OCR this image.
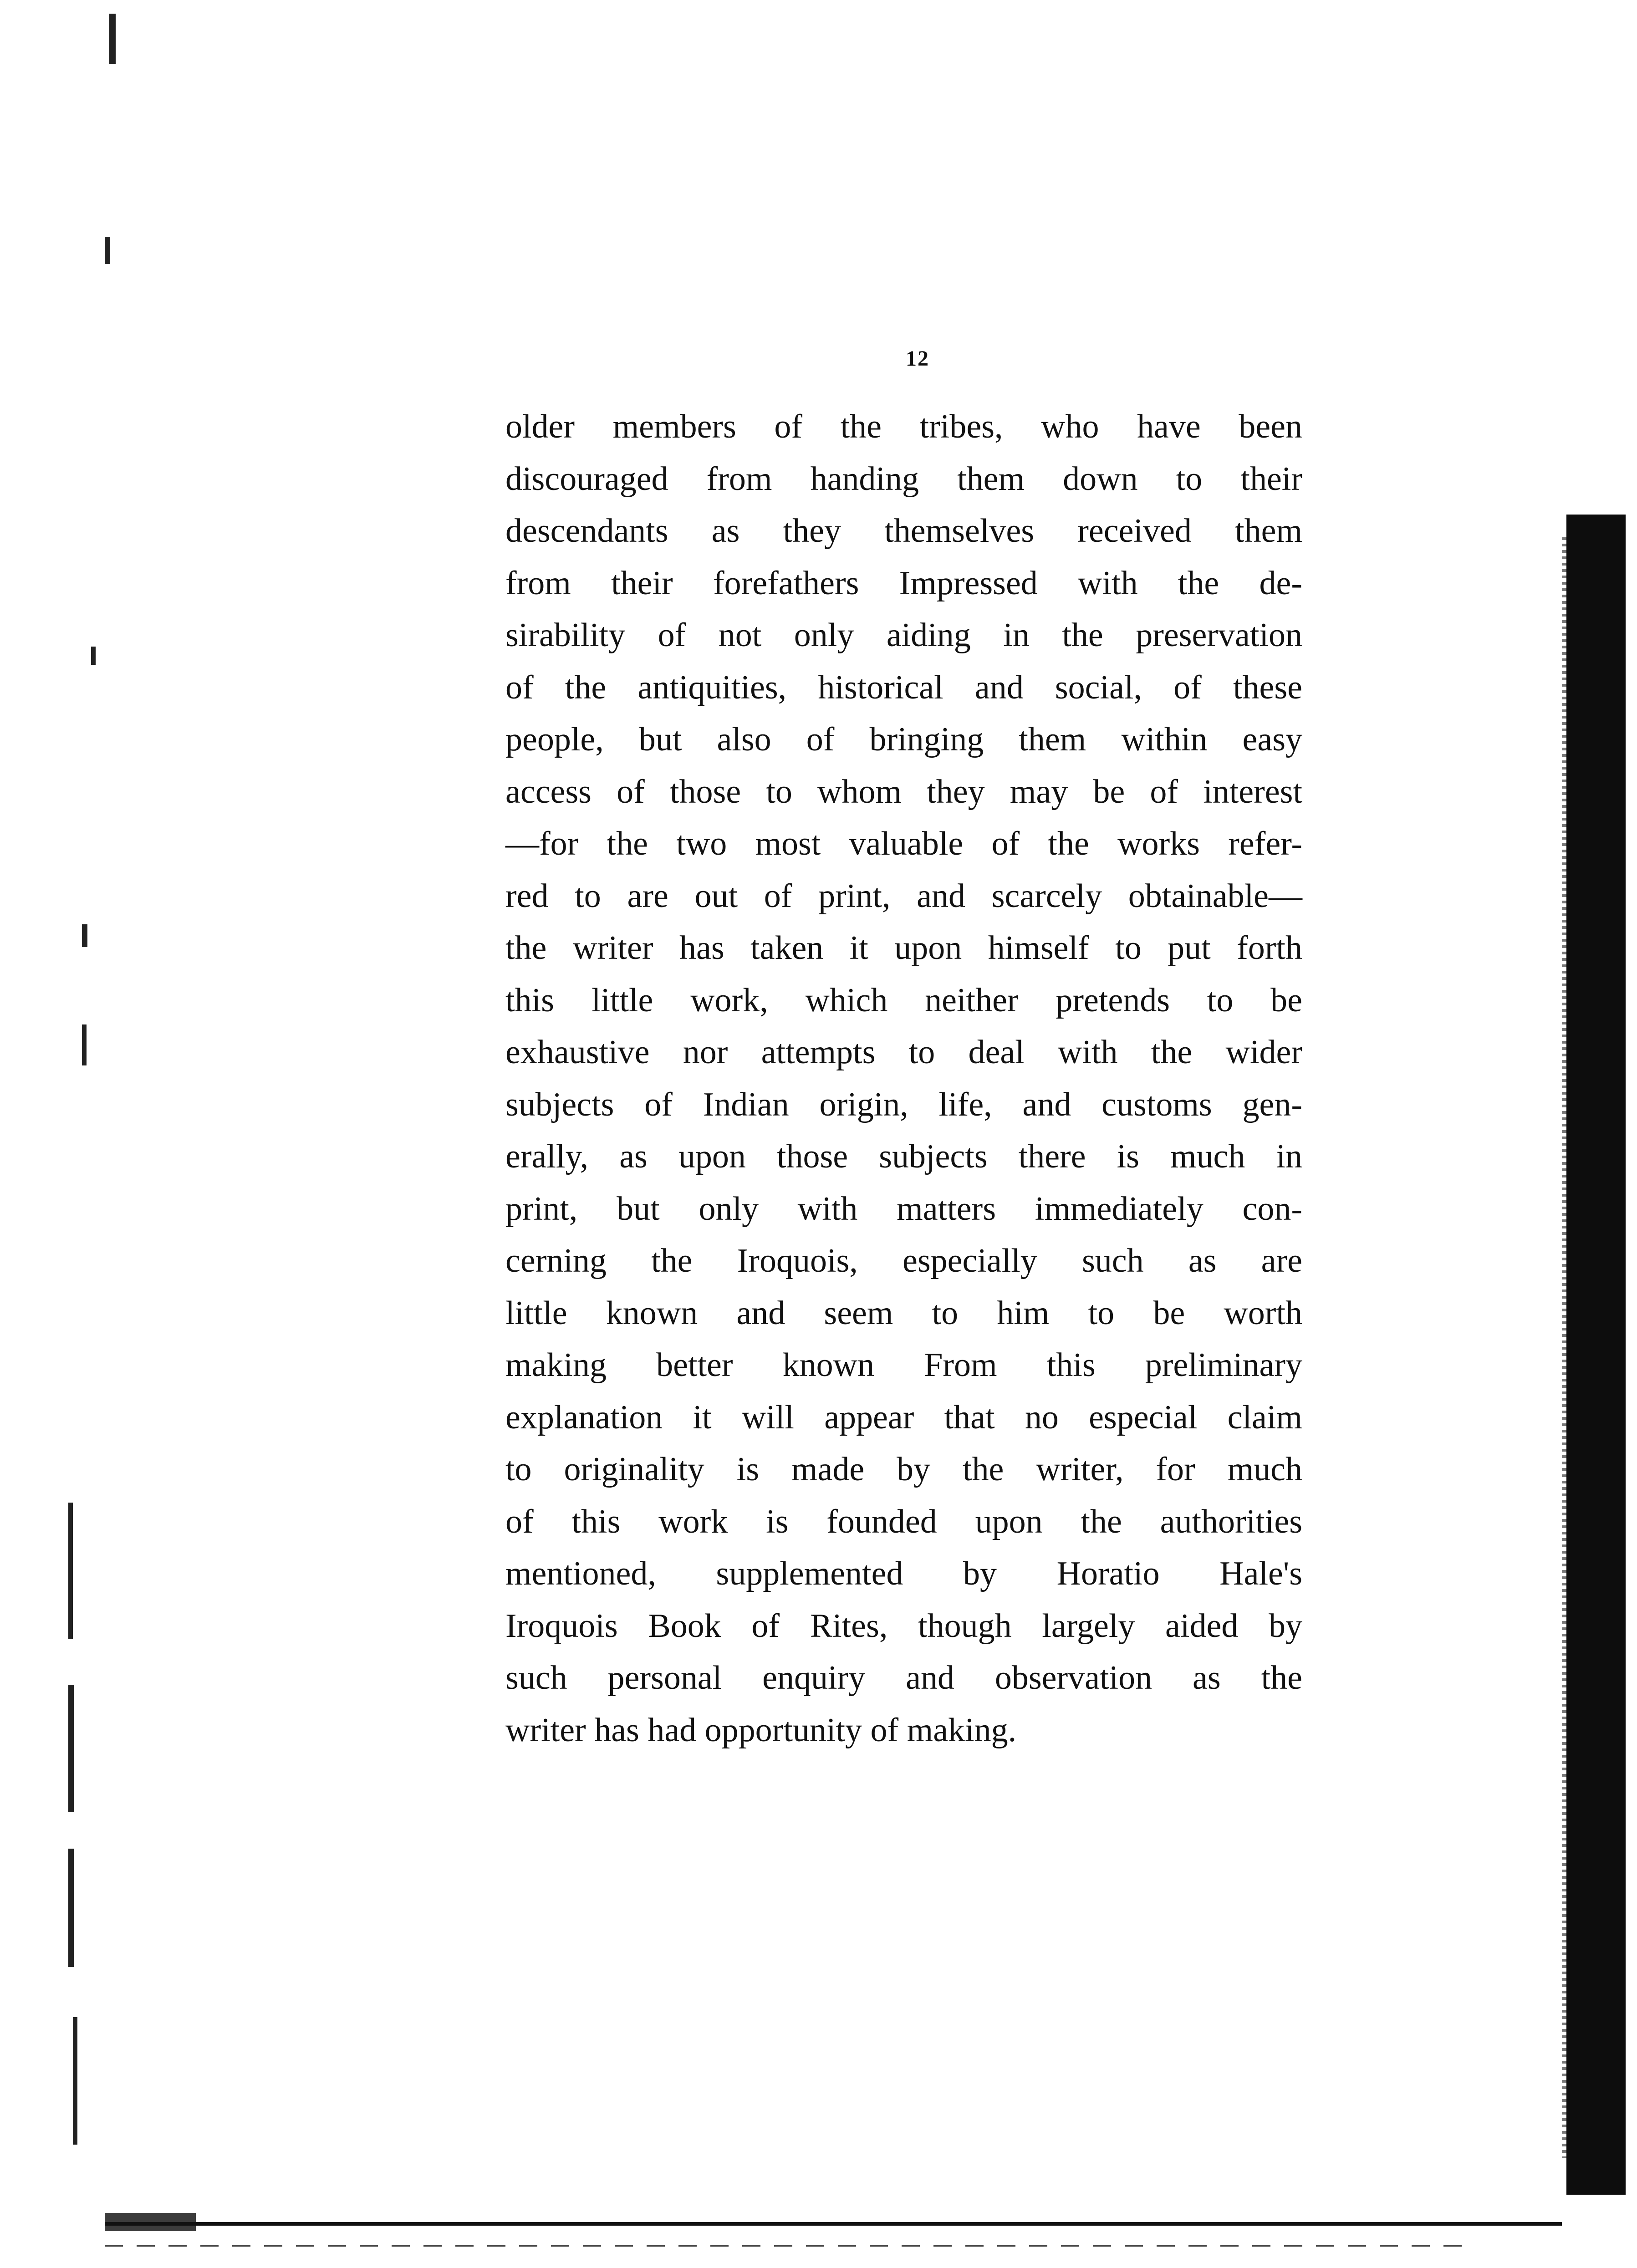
12
older members of the tribes, who have been
discouraged from handing them down to their
descendants as they themselves received them
from their forefathers Impressed with the de-
sirability of not only aiding in the preservation
of the antiquities, historical and social, of these
people, but also of bringing them within easy
access of those to whom they may be of interest
—for the two most valuable of the works refer-
red to are out of print, and scarcely obtainable—
the writer has taken it upon himself to put forth
this little work, which neither pretends to be
exhaustive nor attempts to deal with the wider
subjects of Indian origin, life, and customs gen-
erally, as upon those subjects there is much in
print, but only with matters immediately con-
cerning the Iroquois, especially such as are
little known and seem to him to be worth
making better known From this preliminary
explanation it will appear that no especial claim
to originality is made by the writer, for much
of this work is founded upon the authorities
mentioned, supplemented by Horatio Hale's
Iroquois Book of Rites, though largely aided by
such personal enquiry and observation as the
writer has had opportunity of making.
